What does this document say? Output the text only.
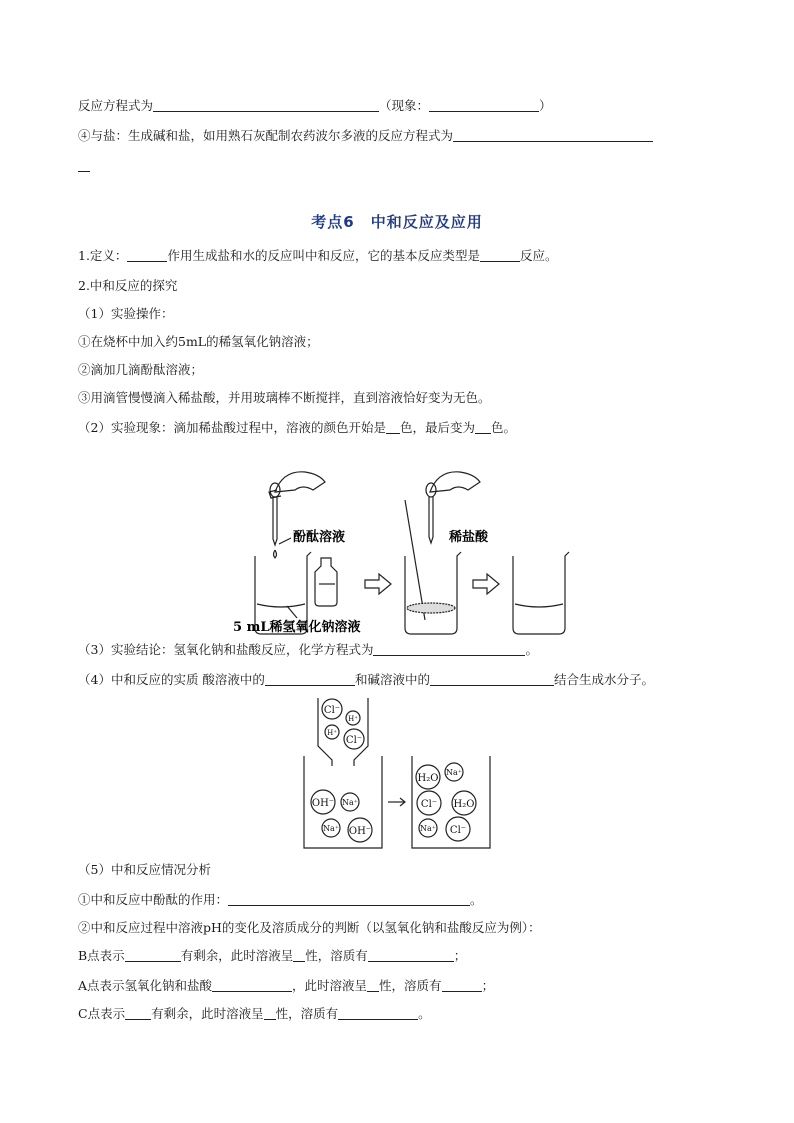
反应方程式为	（现象：	）
④与盐：生成碱和盐，如用熟石灰配制农药波尔多液的反应方程式为
考点6　中和反应及应用
1.定义：	作用生成盐和水的反应叫中和反应，它的基本反应类型是	反应。
2.中和反应的探究
（1）实验操作：
①在烧杯中加入约5mL的稀氢氧化钠溶液；
②滴加几滴酚酞溶液；
③用滴管慢慢滴入稀盐酸，并用玻璃棒不断搅拌，直到溶液恰好变为无色。
（2）实验现象：滴加稀盐酸过程中，溶液的颜色开始是 色，最后变为 色。
酚酞溶液	稀盐酸
5 mL稀氢氧化钠溶液
（3）实验结论：氢氧化钠和盐酸反应，化学方程式为	。
（4）中和反应的实质 酸溶液中的	和碱溶液中的	结合生成水分子。
Cl⁻
H⁺
H⁺
Cl⁻
OH⁻ Na⁺
Na⁺ OH⁻
H₂O
Na⁺
Cl⁻ H₂O
Na⁺ Cl⁻
（5）中和反应情况分析
①中和反应中酚酞的作用：	。
②中和反应过程中溶液pH的变化及溶质成分的判断（以氢氧化钠和盐酸反应为例）：
B点表示	有剩余，此时溶液呈 性，溶质有	；
A点表示氢氧化钠和盐酸	，此时溶液呈 性，溶质有	；
C点表示 有剩余，此时溶液呈 性，溶质有	。
